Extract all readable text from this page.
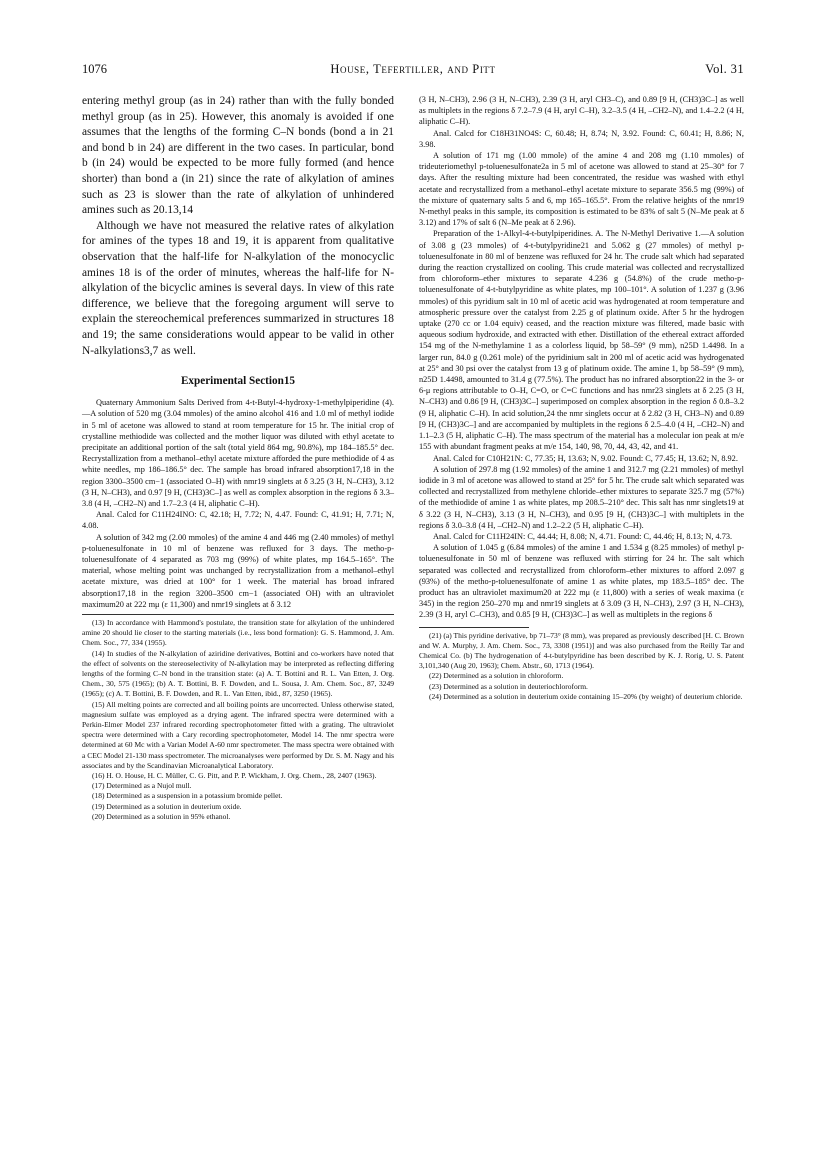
1076	House, Tefertiller, and Pitt	Vol. 31

entering methyl group (as in 24) rather than with the fully bonded methyl group (as in 25). However, this anomaly is avoided if one assumes that the lengths of the forming C–N bonds (bond a in 21 and bond b in 24) are different in the two cases. In particular, bond b (in 24) would be expected to be more fully formed (and hence shorter) than bond a (in 21) since the rate of alkylation of amines such as 23 is slower than the rate of alkylation of unhindered amines such as 20.13,14

Although we have not measured the relative rates of alkylation for amines of the types 18 and 19, it is apparent from qualitative observation that the half-life for N-alkylation of the monocyclic amines 18 is of the order of minutes, whereas the half-life for N-alkylation of the bicyclic amines is several days. In view of this rate difference, we believe that the foregoing argument will serve to explain the stereochemical preferences summarized in structures 18 and 19; the same considerations would appear to be valid in other N-alkylations3,7 as well.

Experimental Section15

Quaternary Ammonium Salts Derived from 4-t-Butyl-4-hydroxy-1-methylpiperidine (4).—A solution of 520 mg (3.04 mmoles) of the amino alcohol 416 and 1.0 ml of methyl iodide in 5 ml of acetone was allowed to stand at room temperature for 15 hr. The initial crop of crystalline methiodide was collected and the mother liquor was diluted with ethyl acetate to precipitate an additional portion of the salt (total yield 864 mg, 90.8%), mp 184–185.5° dec. Recrystallization from a methanol–ethyl acetate mixture afforded the pure methiodide of 4 as white needles, mp 186–186.5° dec. The sample has broad infrared absorption17,18 in the region 3300–3500 cm−1 (associated O–H) with nmr19 singlets at δ 3.25 (3 H, N–CH3), 3.12 (3 H, N–CH3), and 0.97 [9 H, (CH3)3C–] as well as complex absorption in the regions δ 3.3–3.8 (4 H, –CH2–N) and 1.7–2.3 (4 H, aliphatic C–H).

Anal. Calcd for C11H24INO: C, 42.18; H, 7.72; N, 4.47. Found: C, 41.91; H, 7.71; N, 4.08.

A solution of 342 mg (2.00 mmoles) of the amine 4 and 446 mg (2.40 mmoles) of methyl p-toluenesulfonate in 10 ml of benzene was refluxed for 3 days. The metho-p-toluenesulfonate of 4 separated as 703 mg (99%) of white plates, mp 164.5–165°. The material, whose melting point was unchanged by recrystallization from a methanol–ethyl acetate mixture, was dried at 100° for 1 week. The material has broad infrared absorption17,18 in the region 3200–3500 cm−1 (associated OH) with an ultraviolet maximum20 at 222 mμ (ε 11,300) and nmr19 singlets at δ 3.12

(13) In accordance with Hammond's postulate, the transition state for alkylation of the unhindered amine 20 should lie closer to the starting materials (i.e., less bond formation): G. S. Hammond, J. Am. Chem. Soc., 77, 334 (1955).

(14) In studies of the N-alkylation of aziridine derivatives, Bottini and co-workers have noted that the effect of solvents on the stereoselectivity of N-alkylation may be interpreted as reflecting differing lengths of the forming C–N bond in the transition state: (a) A. T. Bottini and R. L. Van Etten, J. Org. Chem., 30, 575 (1965); (b) A. T. Bottini, B. F. Dowden, and L. Sousa, J. Am. Chem. Soc., 87, 3249 (1965); (c) A. T. Bottini, B. F. Dowden, and R. L. Van Etten, ibid., 87, 3250 (1965).

(15) All melting points are corrected and all boiling points are uncorrected. Unless otherwise stated, magnesium sulfate was employed as a drying agent. The infrared spectra were determined with a Perkin-Elmer Model 237 infrared recording spectrophotometer fitted with a grating. The ultraviolet spectra were determined with a Cary recording spectrophotometer, Model 14. The nmr spectra were determined at 60 Mc with a Varian Model A-60 nmr spectrometer. The mass spectra were obtained with a CEC Model 21-130 mass spectrometer. The microanalyses were performed by Dr. S. M. Nagy and his associates and by the Scandinavian Microanalytical Laboratory.

(16) H. O. House, H. C. Müller, C. G. Pitt, and P. P. Wickham, J. Org. Chem., 28, 2407 (1963).

(17) Determined as a Nujol mull.

(18) Determined as a suspension in a potassium bromide pellet.

(19) Determined as a solution in deuterium oxide.

(20) Determined as a solution in 95% ethanol.

(3 H, N–CH3), 2.96 (3 H, N–CH3), 2.39 (3 H, aryl CH3–C), and 0.89 [9 H, (CH3)3C–] as well as multiplets in the regions δ 7.2–7.9 (4 H, aryl C–H), 3.2–3.5 (4 H, –CH2–N), and 1.4–2.2 (4 H, aliphatic C–H).

Anal. Calcd for C18H31NO4S: C, 60.48; H, 8.74; N, 3.92. Found: C, 60.41; H, 8.86; N, 3.98.

A solution of 171 mg (1.00 mmole) of the amine 4 and 208 mg (1.10 mmoles) of trideuteriomethyl p-toluenesulfonate2a in 5 ml of acetone was allowed to stand at 25–30° for 7 days. After the resulting mixture had been concentrated, the residue was washed with ethyl acetate and recrystallized from a methanol–ethyl acetate mixture to separate 356.5 mg (99%) of the mixture of quaternary salts 5 and 6, mp 165–165.5°. From the relative heights of the nmr19 N-methyl peaks in this sample, its composition is estimated to be 83% of salt 5 (N–Me peak at δ 3.12) and 17% of salt 6 (N–Me peak at δ 2.96).

Preparation of the 1-Alkyl-4-t-butylpiperidines. A. The N-Methyl Derivative 1.—A solution of 3.08 g (23 mmoles) of 4-t-butylpyridine21 and 5.062 g (27 mmoles) of methyl p-toluenesulfonate in 80 ml of benzene was refluxed for 24 hr. The crude salt which had separated during the reaction crystallized on cooling. This crude material was collected and recrystallized from chloroform–ether mixtures to separate 4.236 g (54.8%) of the crude metho-p-toluenesulfonate of 4-t-butylpyridine as white plates, mp 100–101°. A solution of 1.237 g (3.96 mmoles) of this pyridium salt in 10 ml of acetic acid was hydrogenated at room temperature and atmospheric pressure over the catalyst from 2.25 g of platinum oxide. After 5 hr the hydrogen uptake (270 cc or 1.04 equiv) ceased, and the reaction mixture was filtered, made basic with aqueous sodium hydroxide, and extracted with ether. Distillation of the ethereal extract afforded 154 mg of the N-methylamine 1 as a colorless liquid, bp 58–59° (9 mm), n25D 1.4498. In a larger run, 84.0 g (0.261 mole) of the pyridinium salt in 200 ml of acetic acid was hydrogenated at 25° and 30 psi over the catalyst from 13 g of platinum oxide. The amine 1, bp 58–59° (9 mm), n25D 1.4498, amounted to 31.4 g (77.5%). The product has no infrared absorption22 in the 3- or 6-μ regions attributable to O–H, C=O, or C=C functions and has nmr23 singlets at δ 2.25 (3 H, N–CH3) and 0.86 [9 H, (CH3)3C–] superimposed on complex absorption in the region δ 0.8–3.2 (9 H, aliphatic C–H). In acid solution,24 the nmr singlets occur at δ 2.82 (3 H, CH3–N) and 0.89 [9 H, (CH3)3C–] and are accompanied by multiplets in the regions δ 2.5–4.0 (4 H, –CH2–N) and 1.1–2.3 (5 H, aliphatic C–H). The mass spectrum of the material has a molecular ion peak at m/e 155 with abundant fragment peaks at m/e 154, 140, 98, 70, 44, 43, 42, and 41.

Anal. Calcd for C10H21N: C, 77.35; H, 13.63; N, 9.02. Found: C, 77.45; H, 13.62; N, 8.92.

A solution of 297.8 mg (1.92 mmoles) of the amine 1 and 312.7 mg (2.21 mmoles) of methyl iodide in 3 ml of acetone was allowed to stand at 25° for 5 hr. The crude salt which separated was collected and recrystallized from methylene chloride–ether mixtures to separate 325.7 mg (57%) of the methiodide of amine 1 as white plates, mp 208.5–210° dec. This salt has nmr singlets19 at δ 3.22 (3 H, N–CH3), 3.13 (3 H, N–CH3), and 0.95 [9 H, (CH3)3C–] with multiplets in the regions δ 3.0–3.8 (4 H, –CH2–N) and 1.2–2.2 (5 H, aliphatic C–H).

Anal. Calcd for C11H24IN: C, 44.44; H, 8.08; N, 4.71. Found: C, 44.46; H, 8.13; N, 4.73.

A solution of 1.045 g (6.84 mmoles) of the amine 1 and 1.534 g (8.25 mmoles) of methyl p-toluenesulfonate in 50 ml of benzene was refluxed with stirring for 24 hr. The salt which separated was collected and recrystallized from chloroform–ether mixtures to afford 2.097 g (93%) of the metho-p-toluenesulfonate of amine 1 as white plates, mp 183.5–185° dec. The product has an ultraviolet maximum20 at 222 mμ (ε 11,800) with a series of weak maxima (ε 345) in the region 250–270 mμ and nmr19 singlets at δ 3.09 (3 H, N–CH3), 2.97 (3 H, N–CH3), 2.39 (3 H, aryl C–CH3), and 0.85 [9 H, (CH3)3C–] as well as multiplets in the regions δ

(21) (a) This pyridine derivative, bp 71–73° (8 mm), was prepared as previously described [H. C. Brown and W. A. Murphy, J. Am. Chem. Soc., 73, 3308 (1951)] and was also purchased from the Reilly Tar and Chemical Co. (b) The hydrogenation of 4-t-butylpyridine has been described by K. J. Rorig, U. S. Patent 3,101,340 (Aug 20, 1963); Chem. Abstr., 60, 1713 (1964).

(22) Determined as a solution in chloroform.

(23) Determined as a solution in deuteriochloroform.

(24) Determined as a solution in deuterium oxide containing 15–20% (by weight) of deuterium chloride.
